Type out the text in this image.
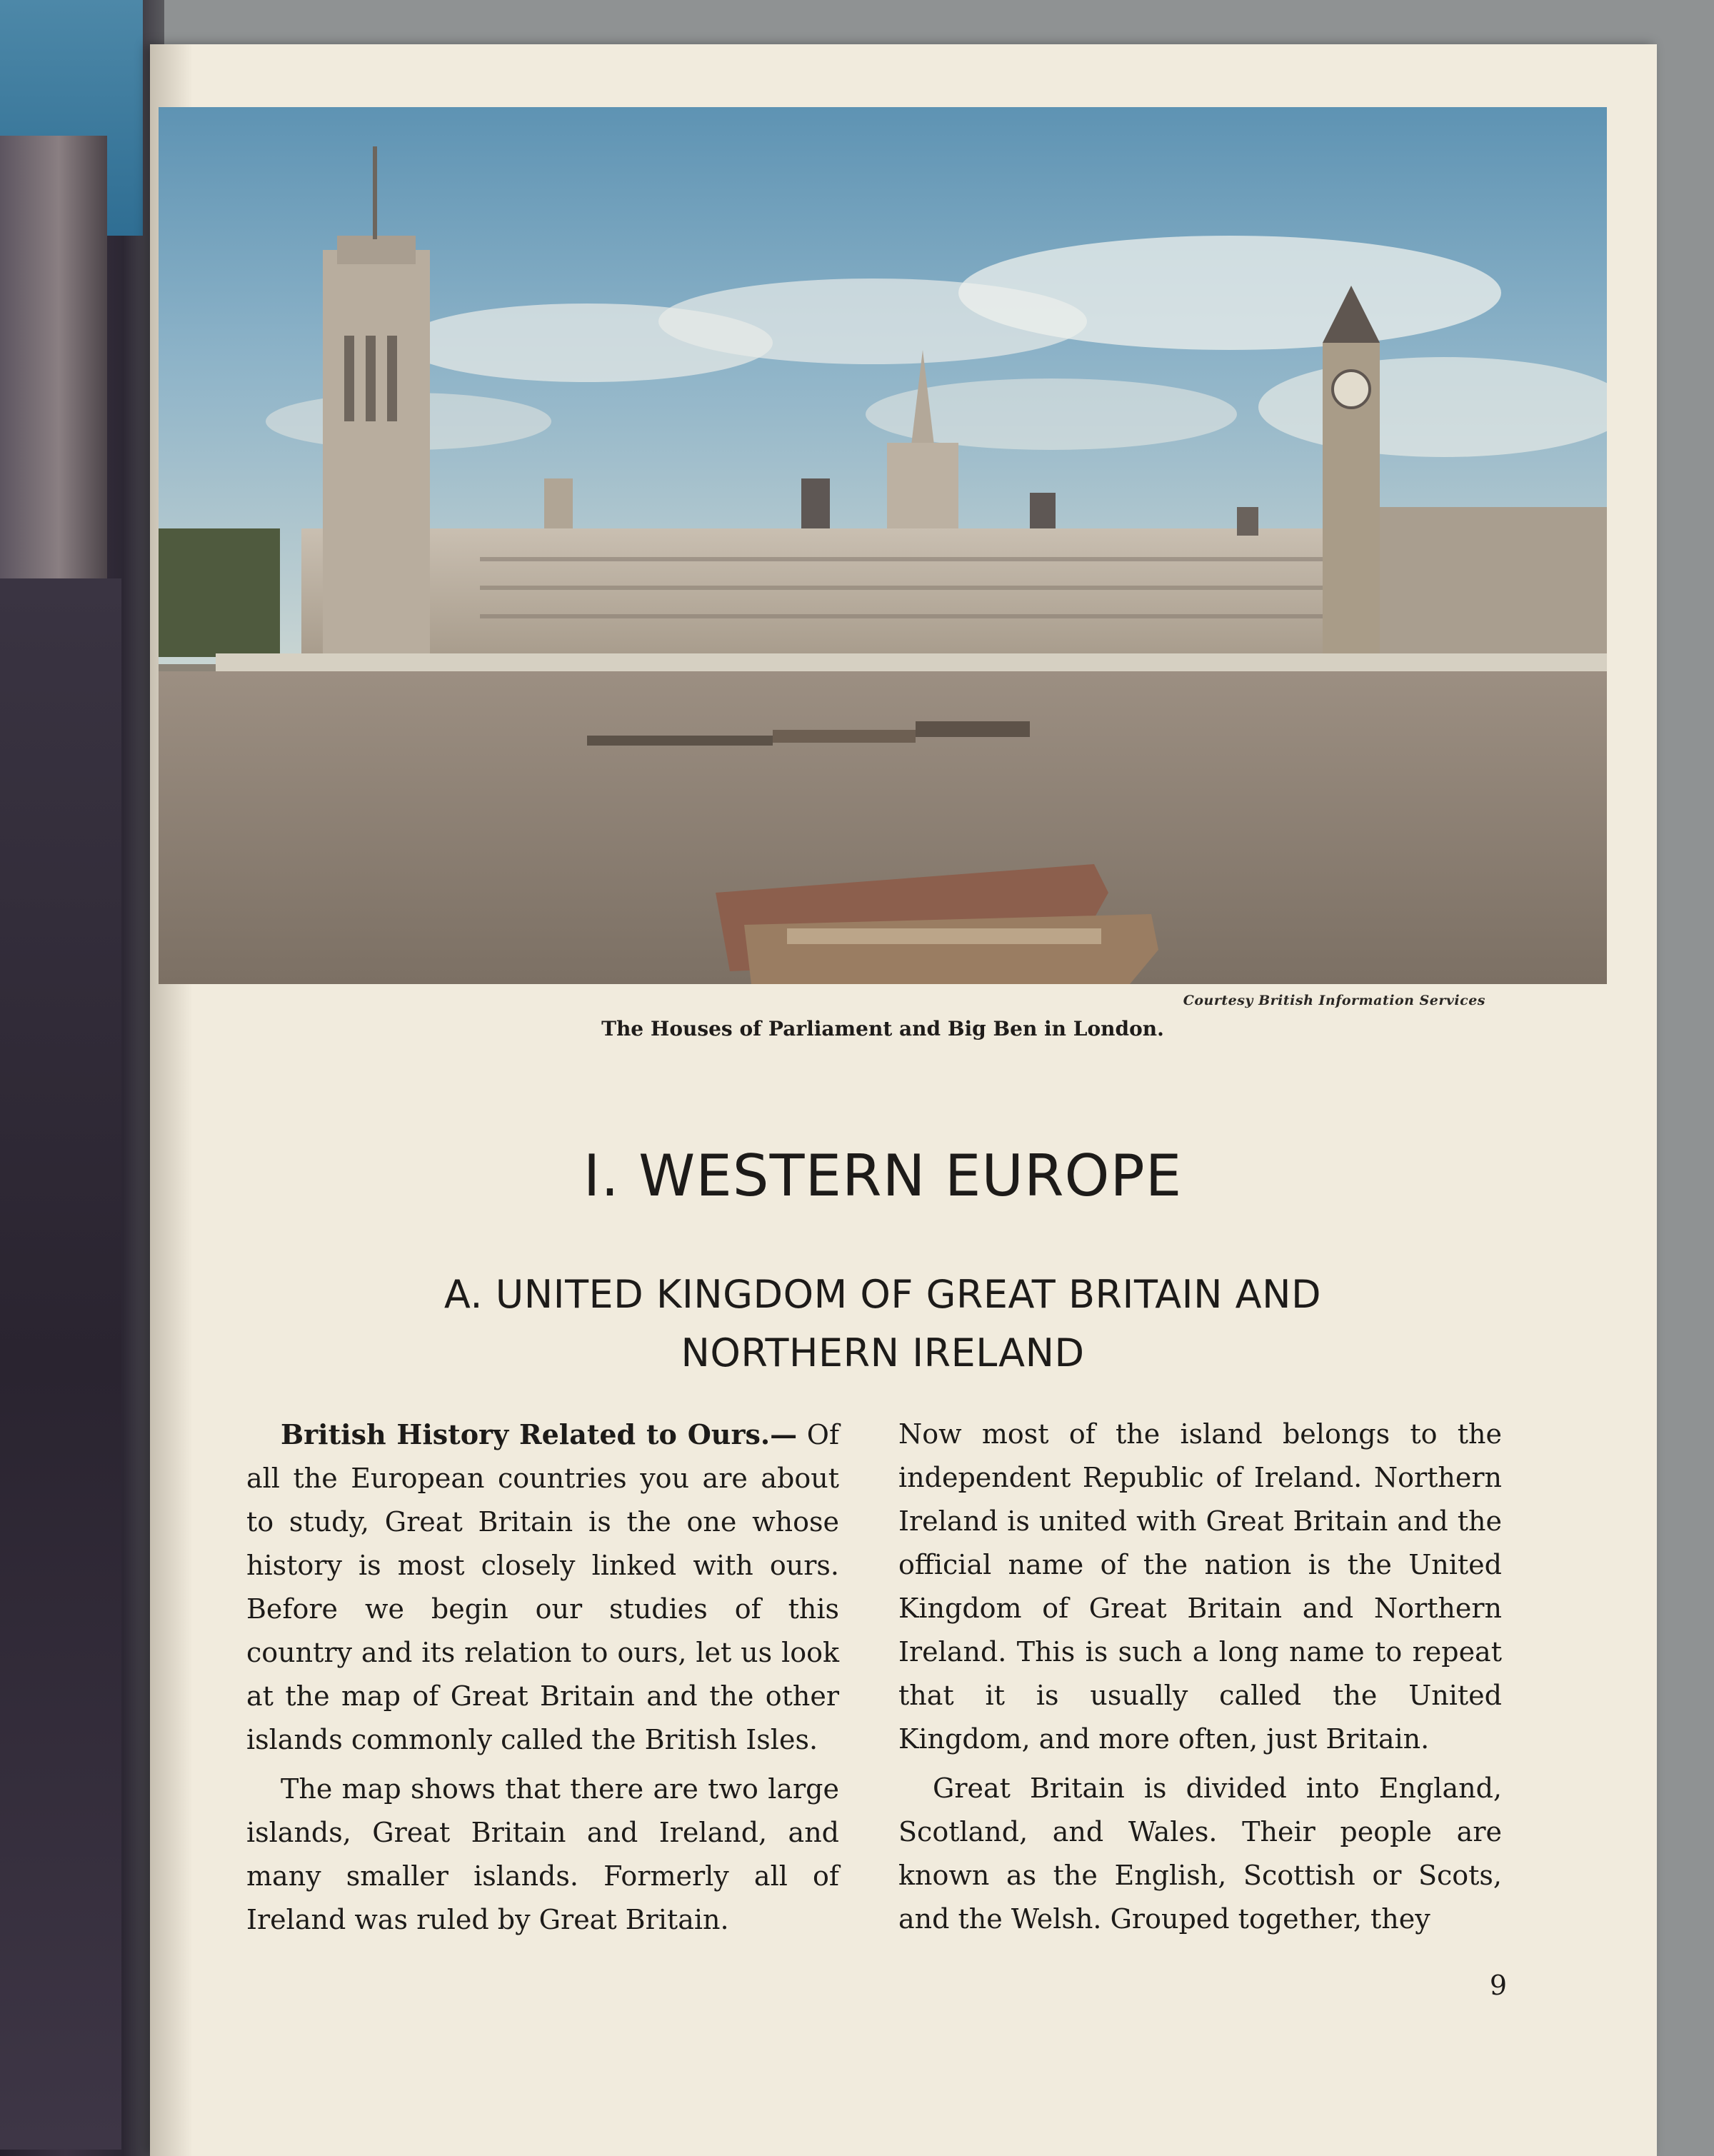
Courtesy British Information Services
The Houses of Parliament and Big Ben in London.
I. WESTERN EUROPE
A. UNITED KINGDOM OF GREAT BRITAIN AND
NORTHERN IRELAND

British History Related to Ours.— Of all the European countries you are about to study, Great Britain is the one whose history is most closely linked with ours. Before we begin our studies of this country and its relation to ours, let us look at the map of Great Britain and the other islands commonly called the British Isles.

The map shows that there are two large islands, Great Britain and Ireland, and many smaller islands. Formerly all of Ireland was ruled by Great Britain.

Now most of the island belongs to the independent Republic of Ireland. Northern Ireland is united with Great Britain and the official name of the nation is the United Kingdom of Great Britain and Northern Ireland. This is such a long name to repeat that it is usually called the United Kingdom, and more often, just Britain.

Great Britain is divided into England, Scotland, and Wales. Their people are known as the English, Scottish or Scots, and the Welsh. Grouped together, they

9
